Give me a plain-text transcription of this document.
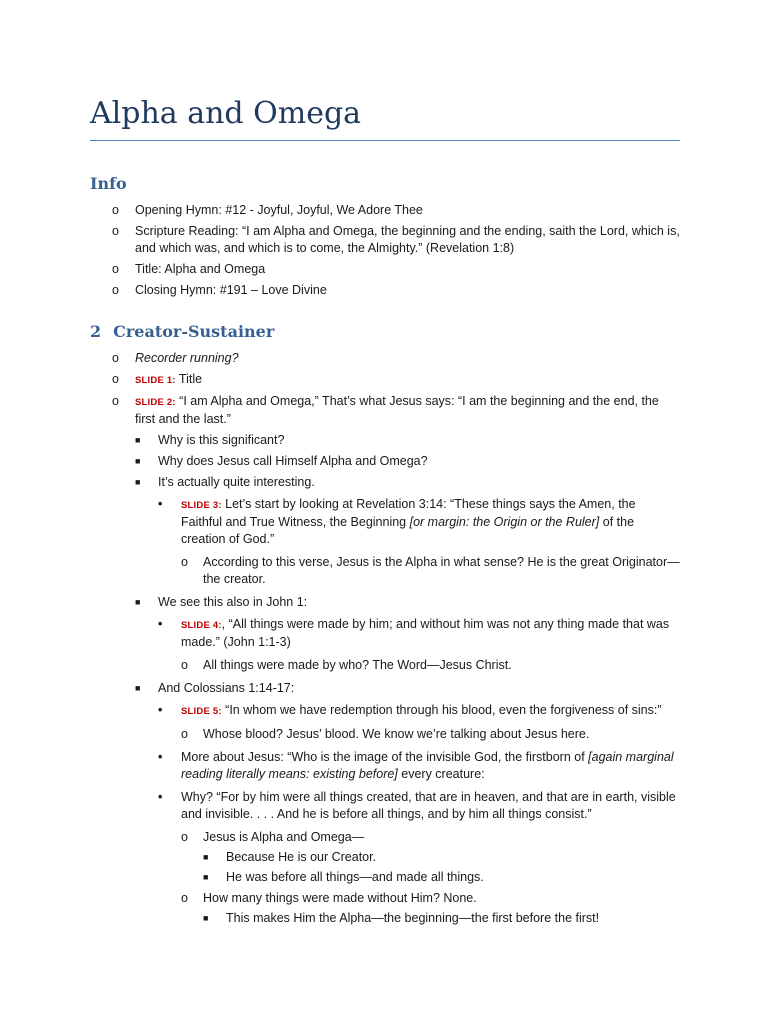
Alpha and Omega
Info
o Opening Hymn: #12 - Joyful, Joyful, We Adore Thee
o Scripture Reading: “I am Alpha and Omega, the beginning and the ending, saith the Lord, which is, and which was, and which is to come, the Almighty.” (Revelation 1:8)
o Title: Alpha and Omega
o Closing Hymn: #191 – Love Divine
2 Creator-Sustainer
o Recorder running?
o SLIDE 1: Title
o SLIDE 2: “I am Alpha and Omega,” That’s what Jesus says: “I am the beginning and the end, the first and the last.”
■ Why is this significant?
■ Why does Jesus call Himself Alpha and Omega?
■ It’s actually quite interesting.
• SLIDE 3: Let’s start by looking at Revelation 3:14: “These things says the Amen, the Faithful and True Witness, the Beginning [or margin: the Origin or the Ruler] of the creation of God.”
o According to this verse, Jesus is the Alpha in what sense? He is the great Originator—the creator.
■ We see this also in John 1:
• SLIDE 4:, “All things were made by him; and without him was not any thing made that was made.” (John 1:1-3)
o All things were made by who? The Word—Jesus Christ.
■ And Colossians 1:14-17:
• SLIDE 5: “In whom we have redemption through his blood, even the forgiveness of sins:”
o Whose blood? Jesus’ blood. We know we’re talking about Jesus here.
• More about Jesus: “Who is the image of the invisible God, the firstborn of [again marginal reading literally means: existing before] every creature:
• Why? “For by him were all things created, that are in heaven, and that are in earth, visible and invisible. . . . And he is before all things, and by him all things consist.”
o Jesus is Alpha and Omega—
■ Because He is our Creator.
■ He was before all things—and made all things.
o How many things were made without Him? None.
■ This makes Him the Alpha—the beginning—the first before the first!
